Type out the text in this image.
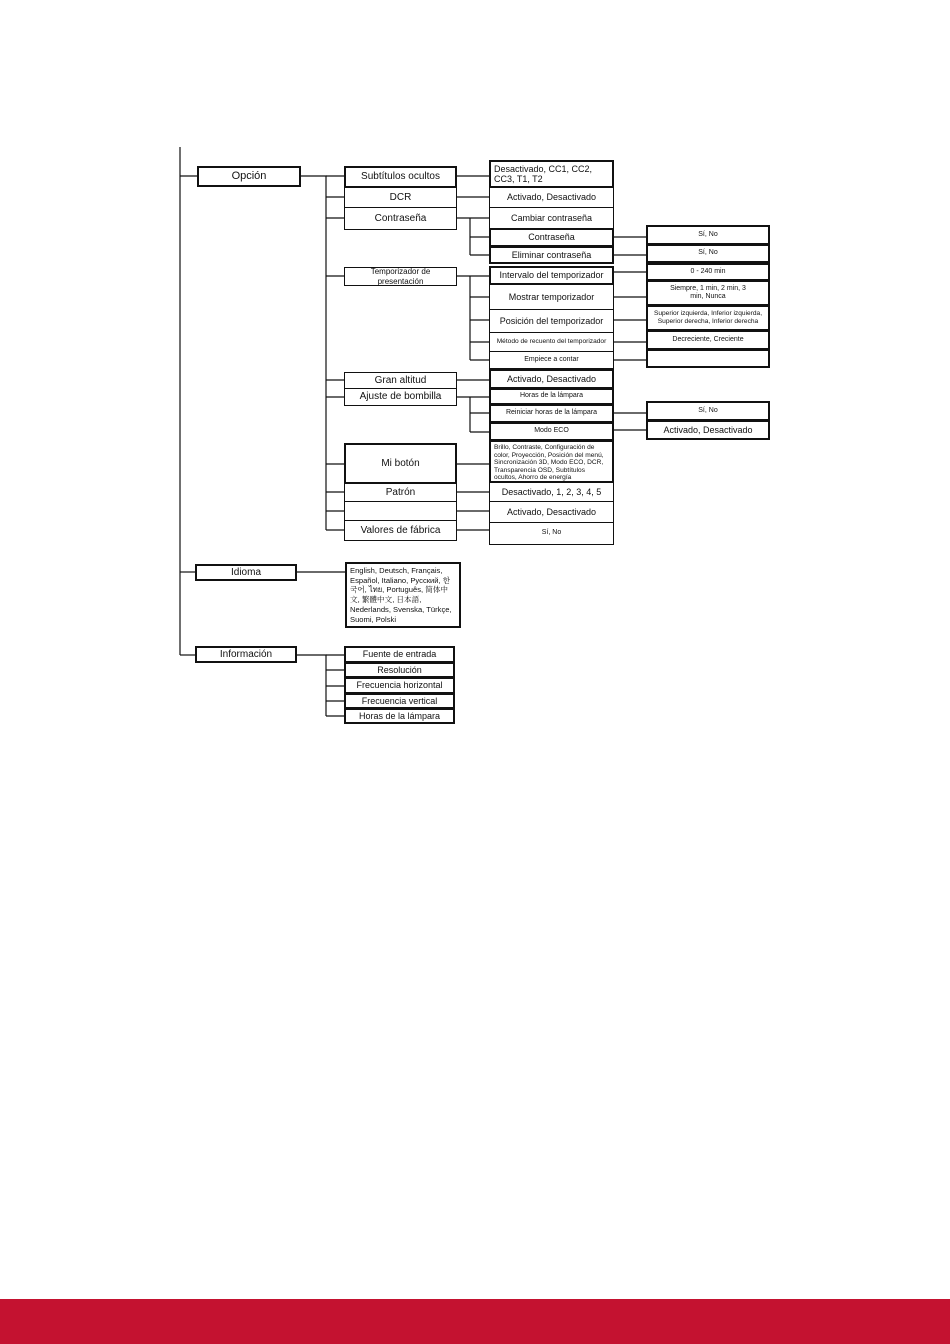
Opción
Idioma
Información
Subtítulos ocultos
DCR
Contraseña
Temporizador de presentación
Gran altitud
Ajuste de bombilla
Mi botón
Patrón
Valores de fábrica
Desactivado, CC1, CC2, CC3, T1, T2
Activado, Desactivado
Cambiar contraseña
Contraseña
Eliminar contraseña
Intervalo del temporizador
Mostrar temporizador
Posición del temporizador
Método de recuento del temporizador
Empiece a contar
Activado, Desactivado
Horas de la lámpara
Reiniciar horas de la lámpara
Modo ECO
Brillo, Contraste, Configuración de color, Proyección, Posición del menú, Sincronización 3D, Modo ECO, DCR, Transparencia OSD, Subtítulos ocultos, Ahorro de energía
Desactivado, 1, 2, 3, 4, 5
Activado, Desactivado
Sí, No
Sí, No
Sí, No
0 - 240 min
Siempre, 1 min, 2 min, 3 min, Nunca
Superior izquierda, Inferior izquierda, Superior derecha, Inferior derecha
Decreciente, Creciente
Sí, No
Activado, Desactivado
English, Deutsch, Français, Español, Italiano, Русский, 한국어, ไทย, Português, 简体中文, 繁體中文, 日本語, Nederlands, Svenska, Türkçe, Suomi, Polski
Fuente de entrada
Resolución
Frecuencia horizontal
Frecuencia vertical
Horas de la lámpara
